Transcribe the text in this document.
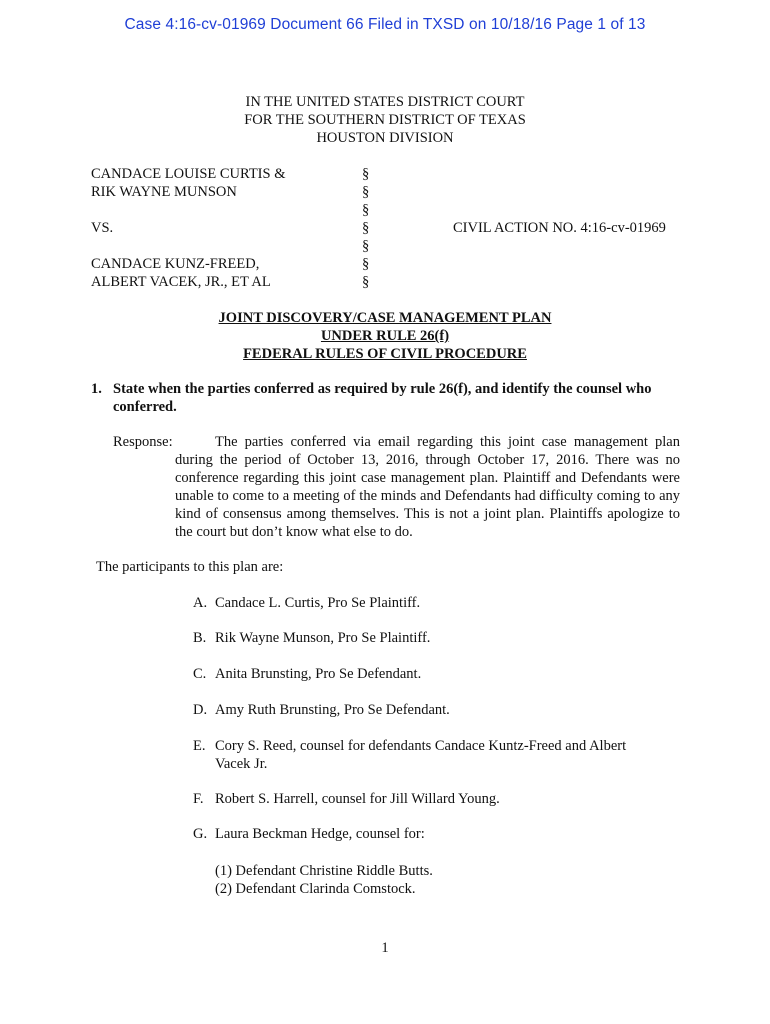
Case 4:16-cv-01969 Document 66 Filed in TXSD on 10/18/16 Page 1 of 13
IN THE UNITED STATES DISTRICT COURT
FOR THE SOUTHERN DISTRICT OF TEXAS
HOUSTON DIVISION
CANDACE LOUISE CURTIS &
RIK WAYNE MUNSON
VS.
CANDACE KUNZ-FREED,
ALBERT VACEK, JR., ET AL
§
§
§
§
§
§
§
CIVIL ACTION NO. 4:16-cv-01969
JOINT DISCOVERY/CASE MANAGEMENT PLAN
UNDER RULE 26(f)
FEDERAL RULES OF CIVIL PROCEDURE
1. State when the parties conferred as required by rule 26(f), and identify the counsel who conferred.
Response:	The parties conferred via email regarding this joint case management plan during the period of October 13, 2016, through October 17, 2016. There was no conference regarding this joint case management plan. Plaintiff and Defendants were unable to come to a meeting of the minds and Defendants had difficulty coming to any kind of consensus among themselves. This is not a joint plan. Plaintiffs apologize to the court but don’t know what else to do.
The participants to this plan are:
A. Candace L. Curtis, Pro Se Plaintiff.
B. Rik Wayne Munson, Pro Se Plaintiff.
C. Anita Brunsting, Pro Se Defendant.
D. Amy Ruth Brunsting, Pro Se Defendant.
E. Cory S. Reed, counsel for defendants Candace Kuntz-Freed and Albert Vacek Jr.
F. Robert S. Harrell, counsel for Jill Willard Young.
G. Laura Beckman Hedge, counsel for:
(1) Defendant Christine Riddle Butts.
(2) Defendant Clarinda Comstock.
1
